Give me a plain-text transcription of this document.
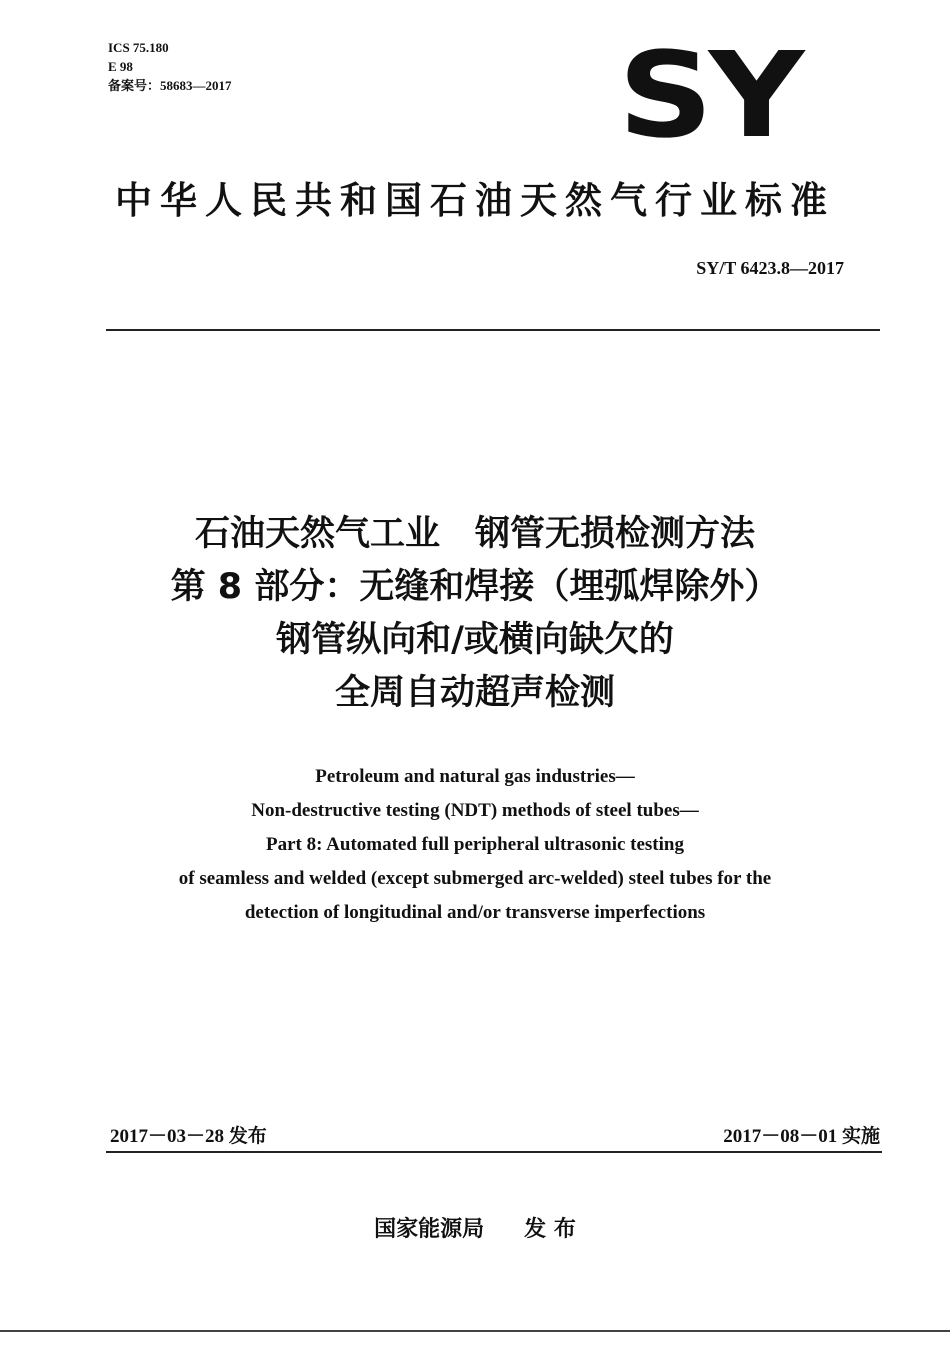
ICS 75.180
E 98
备案号：58683—2017	SY
中华人民共和国石油天然气行业标准
SY/T 6423.8—2017
石油天然气工业　钢管无损检测方法
第 8 部分：无缝和焊接（埋弧焊除外）
钢管纵向和/或横向缺欠的
全周自动超声检测
Petroleum and natural gas industries—
Non-destructive testing (NDT) methods of steel tubes—
Part 8: Automated full peripheral ultrasonic testing
of seamless and welded (except submerged arc-welded) steel tubes for the
detection of longitudinal and/or transverse imperfections
2017－03－28 发布	2017－08－01 实施
国家能源局 发 布
